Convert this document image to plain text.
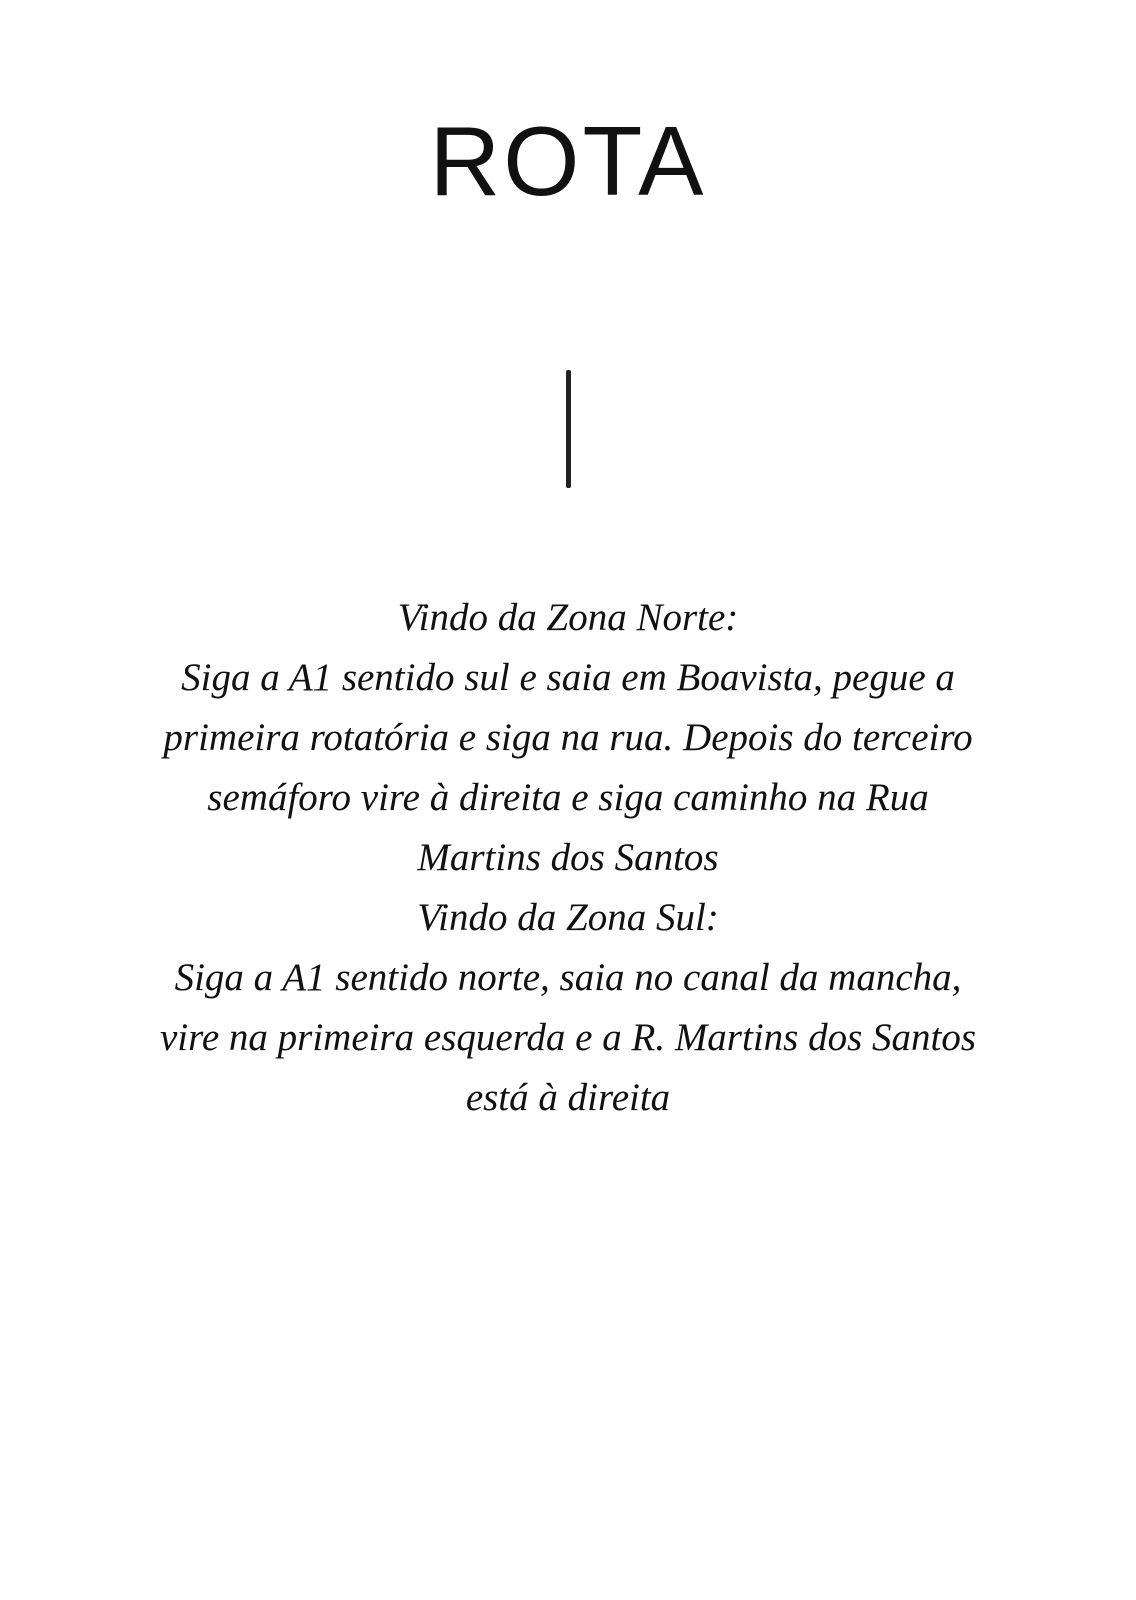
ROTA

Vindo da Zona Norte:

Siga a A1 sentido sul e saia em Boavista, pegue a primeira rotatória e siga na rua. Depois do terceiro semáforo vire à direita e siga caminho na Rua Martins dos Santos

Vindo da Zona Sul:

Siga a A1 sentido norte, saia no canal da mancha, vire na primeira esquerda e a R. Martins dos Santos está à direita
